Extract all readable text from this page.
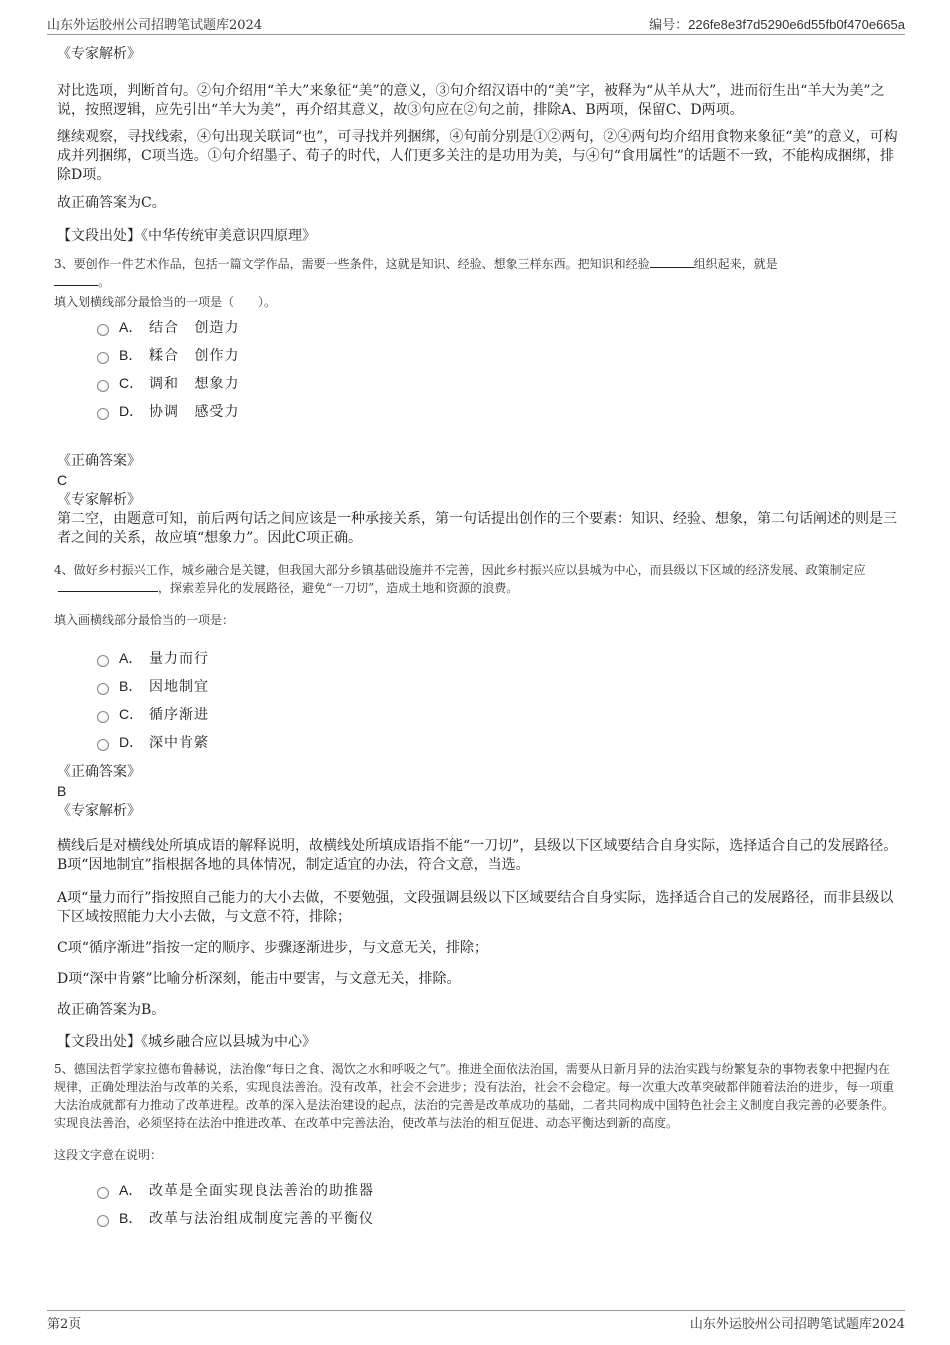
山东外运胶州公司招聘笔试题库2024	编号：226fe8e3f7d5290e6d55fb0f470e665a

《专家解析》

对比选项，判断首句。②句介绍用“羊大”来象征“美”的意义，③句介绍汉语中的“美”字，被释为“从羊从大”，进而衍生出“羊大为美”之说，按照逻辑，应先引出“羊大为美”，再介绍其意义，故③句应在②句之前，排除A、B两项，保留C、D两项。

继续观察，寻找线索，④句出现关联词“也”，可寻找并列捆绑，④句前分别是①②两句，②④两句均介绍用食物来象征“美”的意义，可构成并列捆绑，C项当选。①句介绍墨子、荀子的时代，人们更多关注的是功用为美，与④句“食用属性”的话题不一致，不能构成捆绑，排除D项。

故正确答案为C。

【文段出处】《中华传统审美意识四原理》

3、要创作一件艺术作品，包括一篇文学作品，需要一些条件，这就是知识、经验、想象三样东西。把知识和经验	组织起来，就是
。

填入划横线部分最恰当的一项是（　　）。

A． 结合 创造力
B． 糅合 创作力
C． 调和 想象力
D． 协调 感受力

《正确答案》

C

《专家解析》

第二空，由题意可知，前后两句话之间应该是一种承接关系，第一句话提出创作的三个要素：知识、经验、想象，第二句话阐述的则是三者之间的关系，故应填“想象力”。因此C项正确。

4、做好乡村振兴工作，城乡融合是关键，但我国大部分乡镇基础设施并不完善，因此乡村振兴应以县城为中心，而县级以下区域的经济发展、政策制定应，探索差异化的发展路径，避免“一刀切”，造成土地和资源的浪费。

填入画横线部分最恰当的一项是：

A． 量力而行
B． 因地制宜
C． 循序渐进
D． 深中肯綮

《正确答案》

B

《专家解析》

横线后是对横线处所填成语的解释说明，故横线处所填成语指不能“一刀切”，县级以下区域要结合自身实际，选择适合自己的发展路径。B项“因地制宜”指根据各地的具体情况，制定适宜的办法，符合文意，当选。

A项“量力而行”指按照自己能力的大小去做，不要勉强，文段强调县级以下区域要结合自身实际，选择适合自己的发展路径，而非县级以下区域按照能力大小去做，与文意不符，排除；

C项“循序渐进”指按一定的顺序、步骤逐渐进步，与文意无关，排除；

D项“深中肯綮”比喻分析深刻，能击中要害，与文意无关，排除。

故正确答案为B。

【文段出处】《城乡融合应以县城为中心》

5、德国法哲学家拉德布鲁赫说，法治像“每日之食、渴饮之水和呼吸之气”。推进全面依法治国，需要从日新月异的法治实践与纷繁复杂的事物表象中把握内在规律，正确处理法治与改革的关系，实现良法善治。没有改革，社会不会进步；没有法治，社会不会稳定。每一次重大改革突破都伴随着法治的进步，每一项重大法治成就都有力推动了改革进程。改革的深入是法治建设的起点，法治的完善是改革成功的基础，二者共同构成中国特色社会主义制度自我完善的必要条件。实现良法善治，必须坚持在法治中推进改革、在改革中完善法治，使改革与法治的相互促进、动态平衡达到新的高度。

这段文字意在说明：

A． 改革是全面实现良法善治的助推器
B． 改革与法治组成制度完善的平衡仪
第2页	山东外运胶州公司招聘笔试题库2024
